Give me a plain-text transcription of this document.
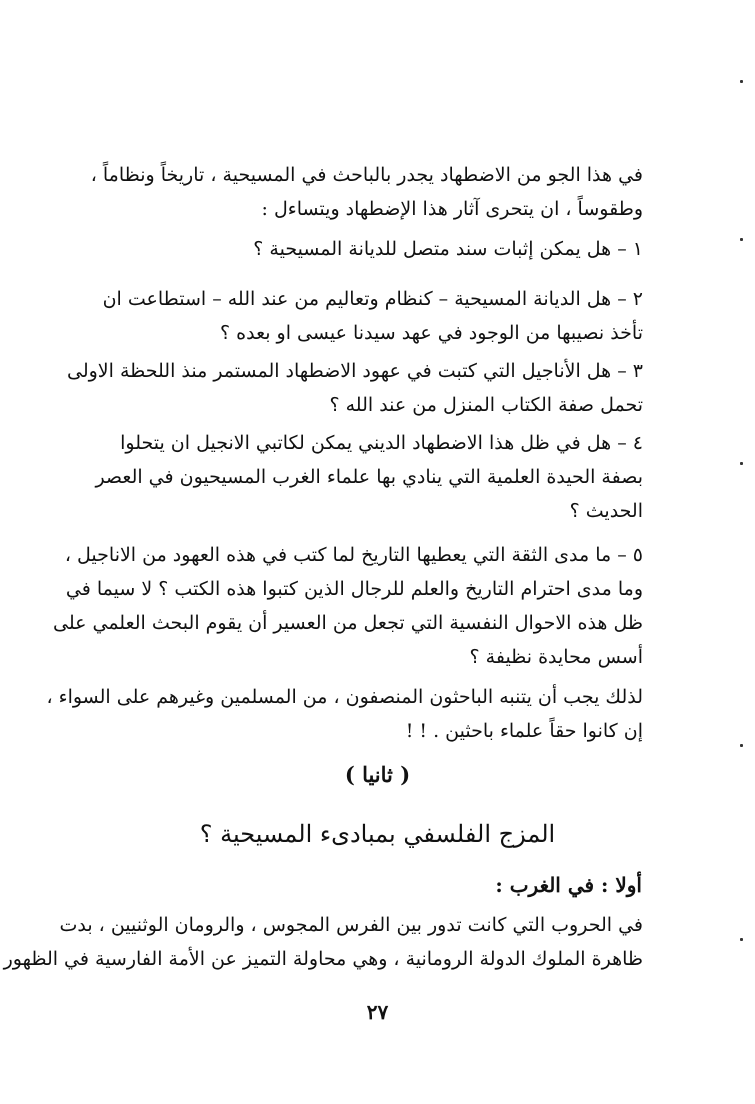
في هذا الجو من الاضطهاد يجدر بالباحث في المسيحية ، تاريخاً ونظاماً ،
وطقوساً ، ان يتحرى آثار هذا الإضطهاد ويتساءل :
١ – هل يمكن إثبات سند متصل للديانة المسيحية ؟
٢ – هل الديانة المسيحية – كنظام وتعاليم من عند الله – استطاعت ان
تأخذ نصيبها من الوجود في عهد سيدنا عيسى او بعده ؟
٣ – هل الأناجيل التي كتبت في عهود الاضطهاد المستمر منذ اللحظة الاولى
تحمل صفة الكتاب المنزل من عند الله ؟
٤ – هل في ظل هذا الاضطهاد الديني يمكن لكاتبي الانجيل ان يتحلوا
بصفة الحيدة العلمية التي ينادي بها علماء الغرب المسيحيون في العصر
الحديث ؟
٥ – ما مدى الثقة التي يعطيها التاريخ لما كتب في هذه العهود من الاناجيل ،
وما مدى احترام التاريخ والعلم للرجال الذين كتبوا هذه الكتب ؟ لا سيما في
ظل هذه الاحوال النفسية التي تجعل من العسير أن يقوم البحث العلمي على
أسس محايدة نظيفة ؟
لذلك يجب أن يتنبه الباحثون المنصفون ، من المسلمين وغيرهم على السواء ،
إن كانوا حقاً علماء باحثين . ! !
( ثانيا )
المزج الفلسفي بمبادىء المسيحية ؟
أولا : في الغرب :
في الحروب التي كانت تدور بين الفرس المجوس ، والرومان الوثنيين ، بدت
ظاهرة الملوك الدولة الرومانية ، وهي محاولة التميز عن الأمة الفارسية في الظهور
٢٧
